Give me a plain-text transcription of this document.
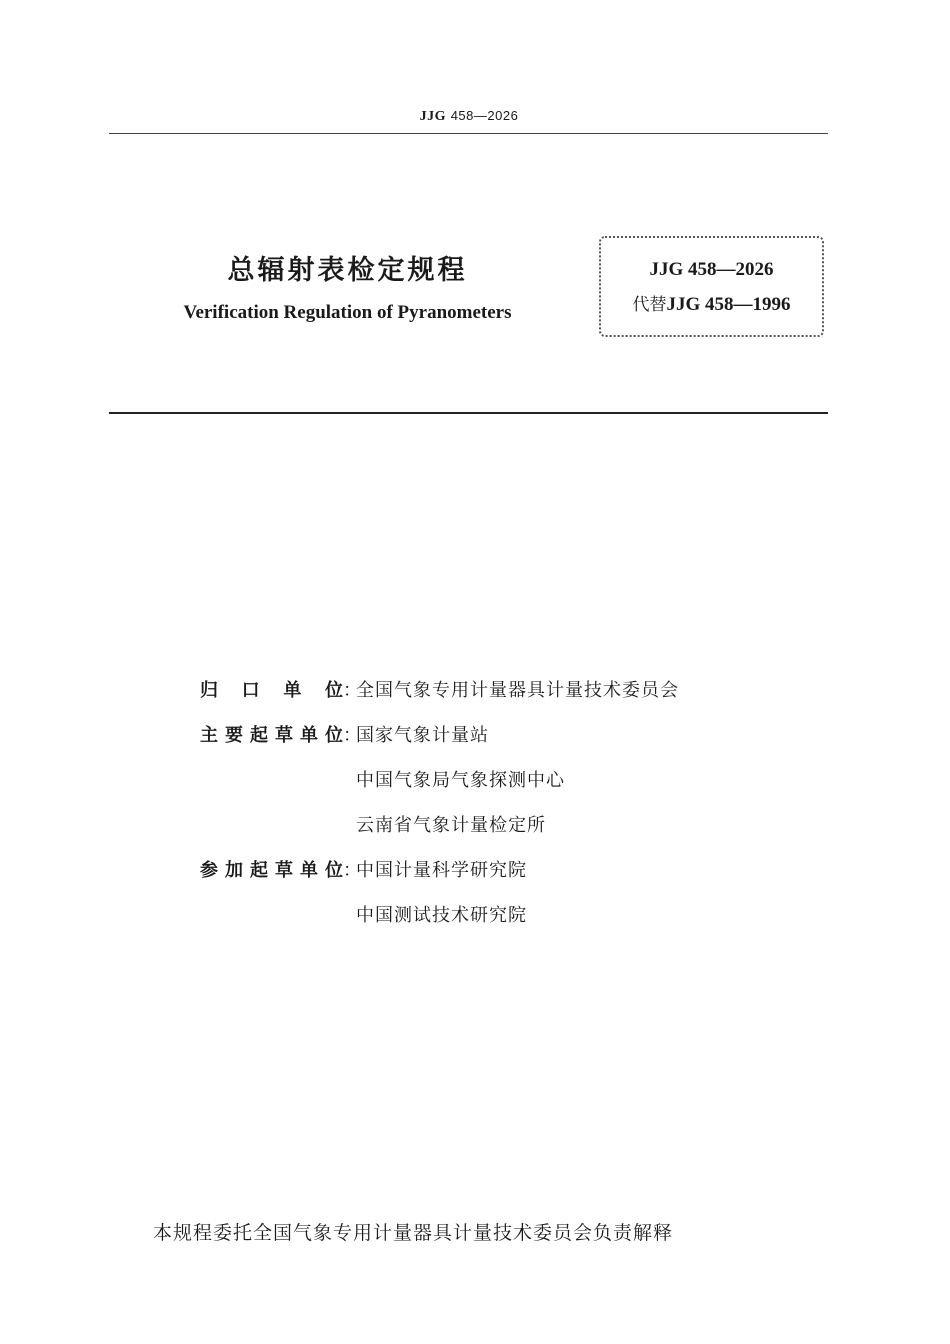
JJG 458—2026
总辐射表检定规程
Verification Regulation of Pyranometers
JJG 458—2026
代替JJG 458—1996
归 口 单 位 ：
全国气象专用计量器具计量技术委员会
主 要 起 草 单 位 ：
国家气象计量站
中国气象局气象探测中心
云南省气象计量检定所
参 加 起 草 单 位 ：
中国计量科学研究院
中国测试技术研究院
本规程委托全国气象专用计量器具计量技术委员会负责解释
